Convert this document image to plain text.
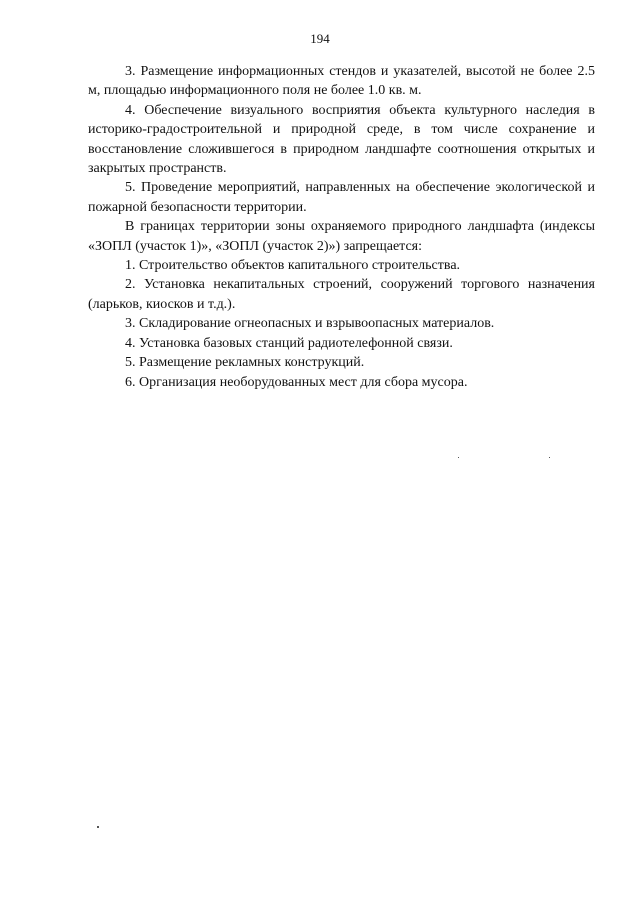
194

3. Размещение информационных стендов и указателей, высотой не более 2.5 м, площадью информационного поля не более 1.0 кв. м.

4. Обеспечение визуального восприятия объекта культурного наследия в историко-градостроительной и природной среде, в том числе сохранение и восстановление сложившегося в природном ландшафте соотношения открытых и закрытых пространств.

5. Проведение мероприятий, направленных на обеспечение экологической и пожарной безопасности территории.

В границах территории зоны охраняемого природного ландшафта (индексы «ЗОПЛ (участок 1)», «ЗОПЛ (участок 2)») запрещается:

1. Строительство объектов капитального строительства.

2. Установка некапитальных строений, сооружений торгового назначения (ларьков, киосков и т.д.).

3. Складирование огнеопасных и взрывоопасных материалов.

4. Установка базовых станций радиотелефонной связи.

5. Размещение рекламных конструкций.

6. Организация необорудованных мест для сбора мусора.
